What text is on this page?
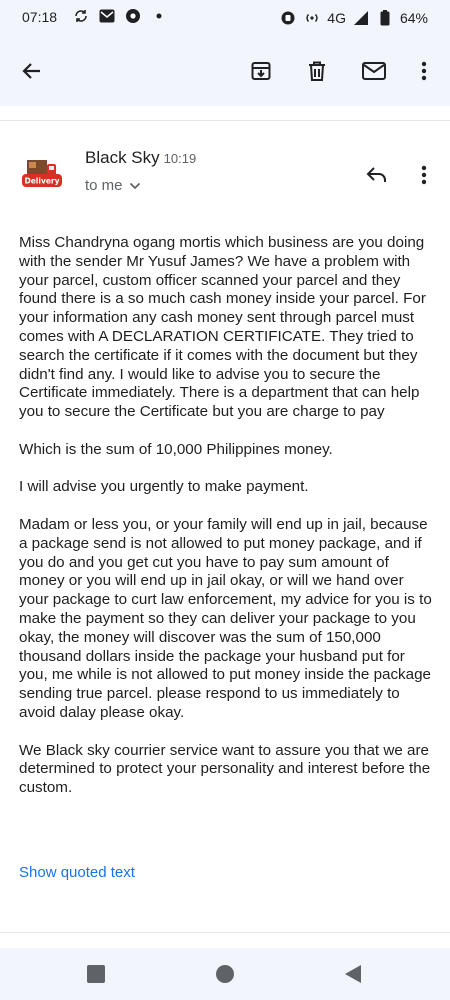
07:18	4G	64%
Delivery
Black Sky 10:19
to me

Miss Chandryna ogang mortis which business are you doing with the sender Mr Yusuf James? We have a problem with your parcel, custom officer scanned your parcel and they found there is a so much cash money inside your parcel. For your information any cash money sent through parcel must comes with A DECLARATION CERTIFICATE. They tried to search the certificate if it comes with the document but they didn't find any. I would like to advise you to secure the Certificate immediately. There is a department that can help you to secure the Certificate but you are charge to pay

Which is the sum of 10,000 Philippines money.

I will advise you urgently to make payment.

Madam or less you, or your family will end up in jail, because a package send is not allowed to put money package, and if you do and you get cut you have to pay sum amount of money or you will end up in jail okay, or will we hand over your package to curt law enforcement, my advice for you is to make the payment so they can deliver your package to you okay, the money will discover was the sum of 150,000 thousand dollars inside the package your husband put for you, me while is not allowed to put money inside the package sending true parcel. please respond to us immediately to avoid dalay please okay.

We Black sky courrier service want to assure you that we are determined to protect your personality and interest before the custom.

Show quoted text
